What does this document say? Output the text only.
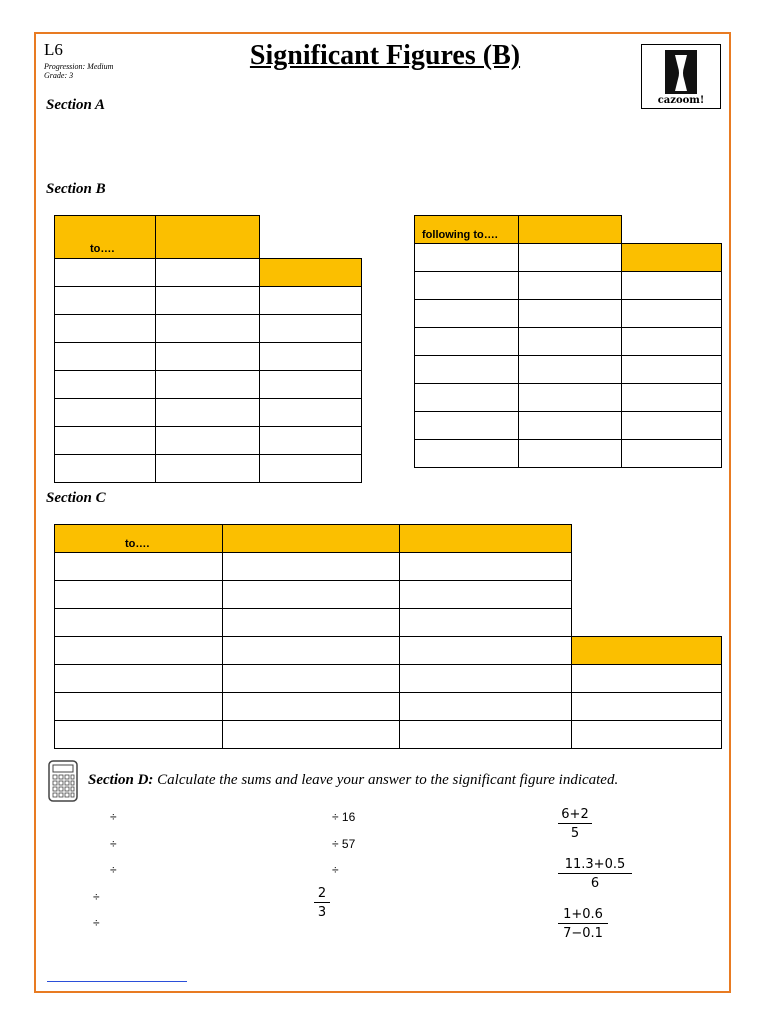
L6
Progression: Medium
Grade: 3
Significant Figures (B)
cazoom!
Section A
Section B
to….		

following to….		

Section C
to….			

Section D: Calculate the sums and leave your answer to the significant figure indicated.
÷
÷
÷
÷
÷
÷ 16
÷ 57
÷
$\frac{2}{3}$
$\frac{6+2}{5}$
$\frac{11.3+0.5}{6}$
$\frac{1+0.6}{7-0.1}$
